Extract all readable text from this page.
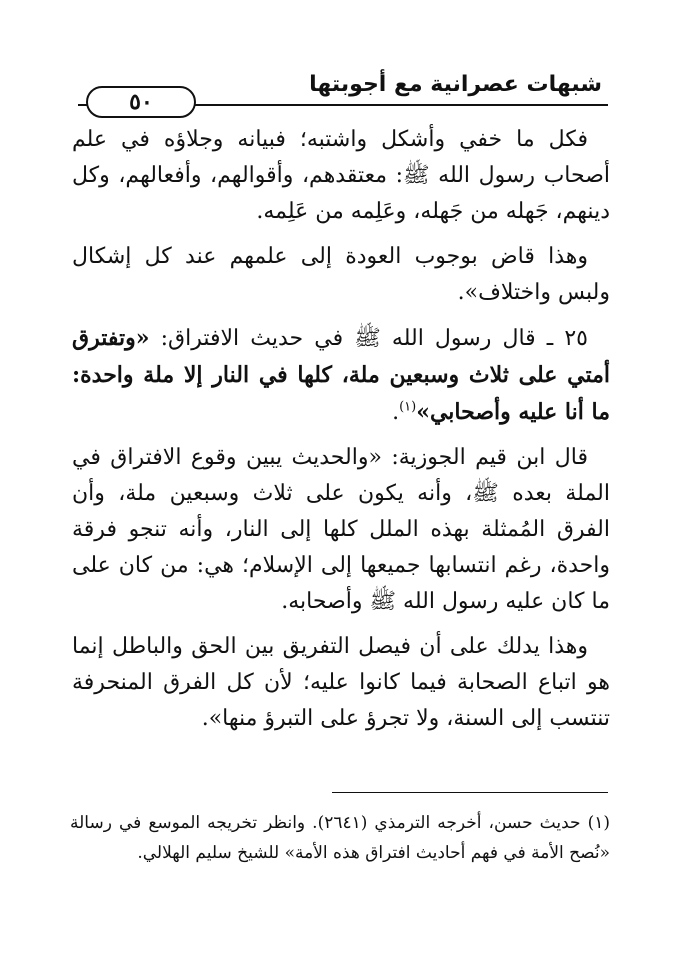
شبهات عصرانية مع أجوبتها
٥٠

فكل ما خفي وأشكل واشتبه؛ فبيانه وجلاؤه في علم أصحاب رسول الله ﷺ: معتقدهم، وأقوالهم، وأفعالهم، وكل دينهم، جَهله من جَهله، وعَلِمه من عَلِمه.

وهذا قاض بوجوب العودة إلى علمهم عند كل إشكال ولبس واختلاف».

٢٥ ـ قال رسول الله ﷺ في حديث الافتراق: «وتفترق أمتي على ثلاث وسبعين ملة، كلها في النار إلا ملة واحدة: ما أنا عليه وأصحابي»$^{(١)}$.

قال ابن قيم الجوزية: «والحديث يبين وقوع الافتراق في الملة بعده ﷺ، وأنه يكون على ثلاث وسبعين ملة، وأن الفرق المُمثلة بهذه الملل كلها إلى النار، وأنه تنجو فرقة واحدة، رغم انتسابها جميعها إلى الإسلام؛ هي: من كان على ما كان عليه رسول الله ﷺ وأصحابه.

وهذا يدلك على أن فيصل التفريق بين الحق والباطل إنما هو اتباع الصحابة فيما كانوا عليه؛ لأن كل الفرق المنحرفة تنتسب إلى السنة، ولا تجرؤ على التبرؤ منها».

(١) حديث حسن، أخرجه الترمذي (٢٦٤١). وانظر تخريجه الموسع في رسالة «نُصح الأمة في فهم أحاديث افتراق هذه الأمة» للشيخ سليم الهلالي.
